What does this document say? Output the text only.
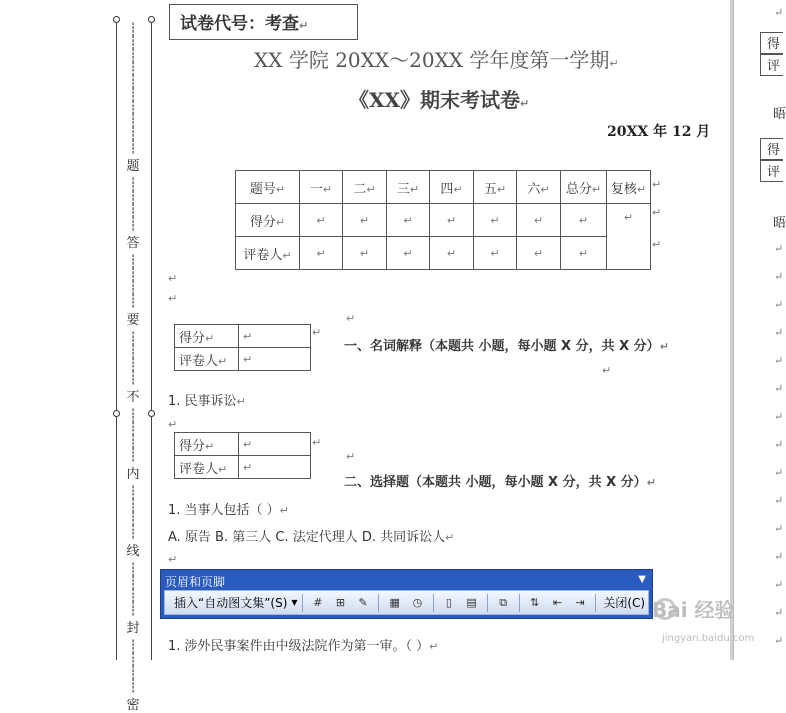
┊
┊
┊
┊
┊
┊
┊
┊
┊
┊
题
┊
┊
┊
┊
答
┊
┊
┊
┊
要
┊
┊
┊
┊
不
┊
┊
┊
┊
内
┊
┊
┊
┊
线
┊
┊
┊
┊
封
┊
┊
┊
┊
密
试卷代号：考查↵
XX 学院 20XX～20XX 学年度第一学期↵
《XX》期末考试卷↵
20XX 年 12 月
题号↵	一↵	二↵	三↵	四↵	五↵	六↵	总分↵	复核↵
得分↵	↵	↵	↵	↵	↵	↵	↵	↵
评卷人↵	↵	↵	↵	↵	↵	↵	↵	
↵
↵
↵
↵
↵
↵
得分↵	↵
评卷人↵	↵
↵
一、名词解释（本题共 小题，每小题 X 分，共 X 分）↵
↵
1. 民事诉讼↵
↵
得分↵	↵
评卷人↵	↵
↵
↵
二、选择题（本题共 小题，每小题 X 分，共 X 分）↵
1. 当事人包括（ ）↵
A. 原告 B. 第三人 C. 法定代理人 D. 共同诉讼人↵
↵
页眉和页脚	▼
插入“自动图文集”(S) ▼	#	⊞	✎	▦	◷	▯	▤	⧉	⇅	⇤	⇥	关闭(C)
1. 涉外民事案件由中级法院作为第一审。（ ）↵
得
评
晤
得
评
晤
↵
↵
↵
↵
↵
↵
↵
↵
↵
↵
↵
↵
↵
↵
↵
↵
Bai 经验
jingyan.baidu.com
